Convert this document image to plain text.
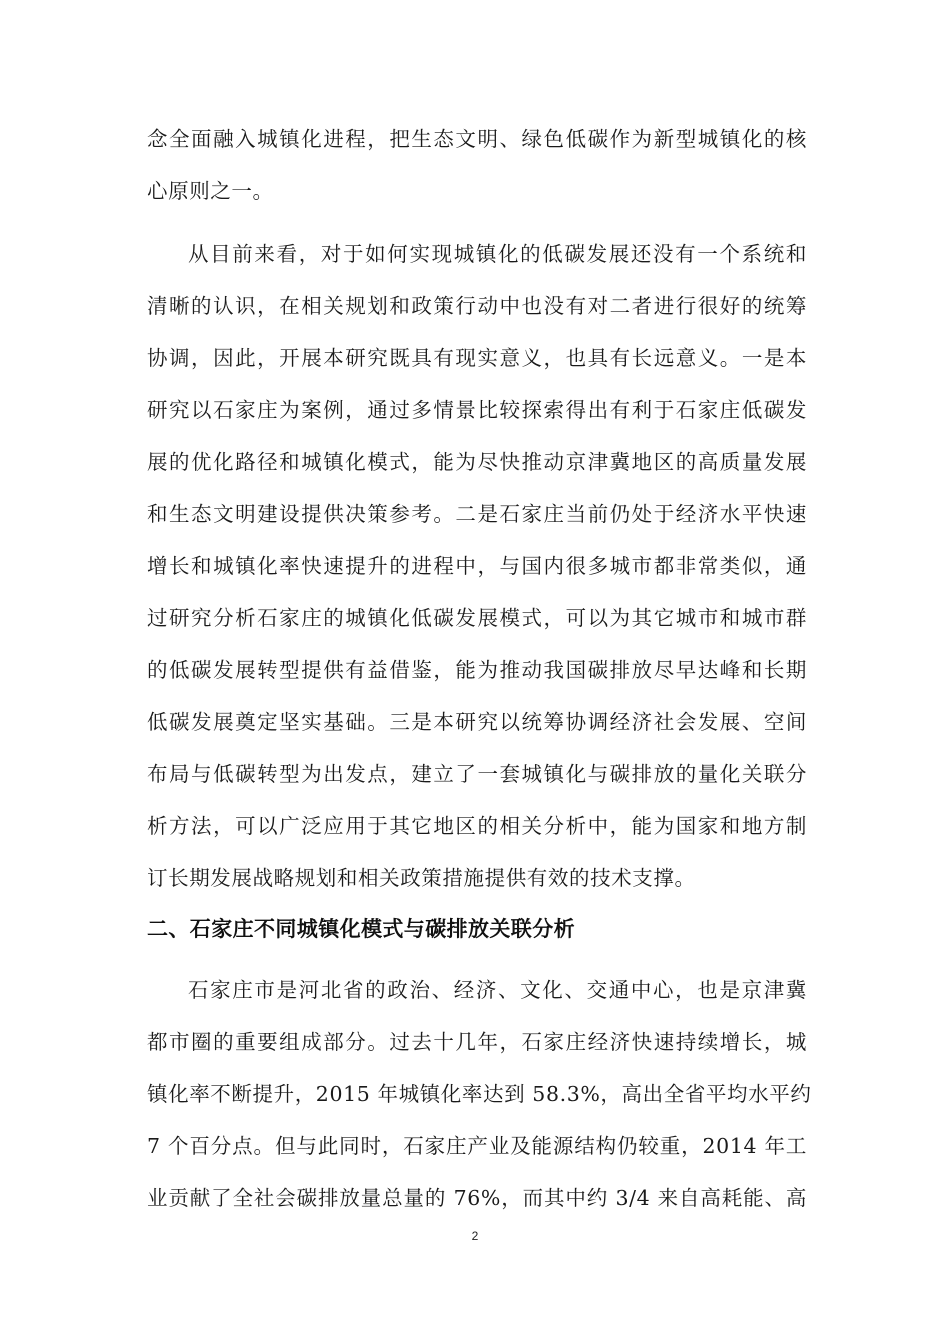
念全面融入城镇化进程，把生态文明、绿色低碳作为新型城镇化的核
心原则之一。
从目前来看，对于如何实现城镇化的低碳发展还没有一个系统和
清晰的认识，在相关规划和政策行动中也没有对二者进行很好的统筹
协调，因此，开展本研究既具有现实意义，也具有长远意义。一是本
研究以石家庄为案例，通过多情景比较探索得出有利于石家庄低碳发
展的优化路径和城镇化模式，能为尽快推动京津冀地区的高质量发展
和生态文明建设提供决策参考。二是石家庄当前仍处于经济水平快速
增长和城镇化率快速提升的进程中，与国内很多城市都非常类似，通
过研究分析石家庄的城镇化低碳发展模式，可以为其它城市和城市群
的低碳发展转型提供有益借鉴，能为推动我国碳排放尽早达峰和长期
低碳发展奠定坚实基础。三是本研究以统筹协调经济社会发展、空间
布局与低碳转型为出发点，建立了一套城镇化与碳排放的量化关联分
析方法，可以广泛应用于其它地区的相关分析中，能为国家和地方制
订长期发展战略规划和相关政策措施提供有效的技术支撑。
二、石家庄不同城镇化模式与碳排放关联分析
石家庄市是河北省的政治、经济、文化、交通中心，也是京津冀
都市圈的重要组成部分。过去十几年，石家庄经济快速持续增长，城
镇化率不断提升，2015 年城镇化率达到 58.3%，高出全省平均水平约
7 个百分点。但与此同时，石家庄产业及能源结构仍较重，2014 年工
业贡献了全社会碳排放量总量的 76%，而其中约 3/4 来自高耗能、高
2
